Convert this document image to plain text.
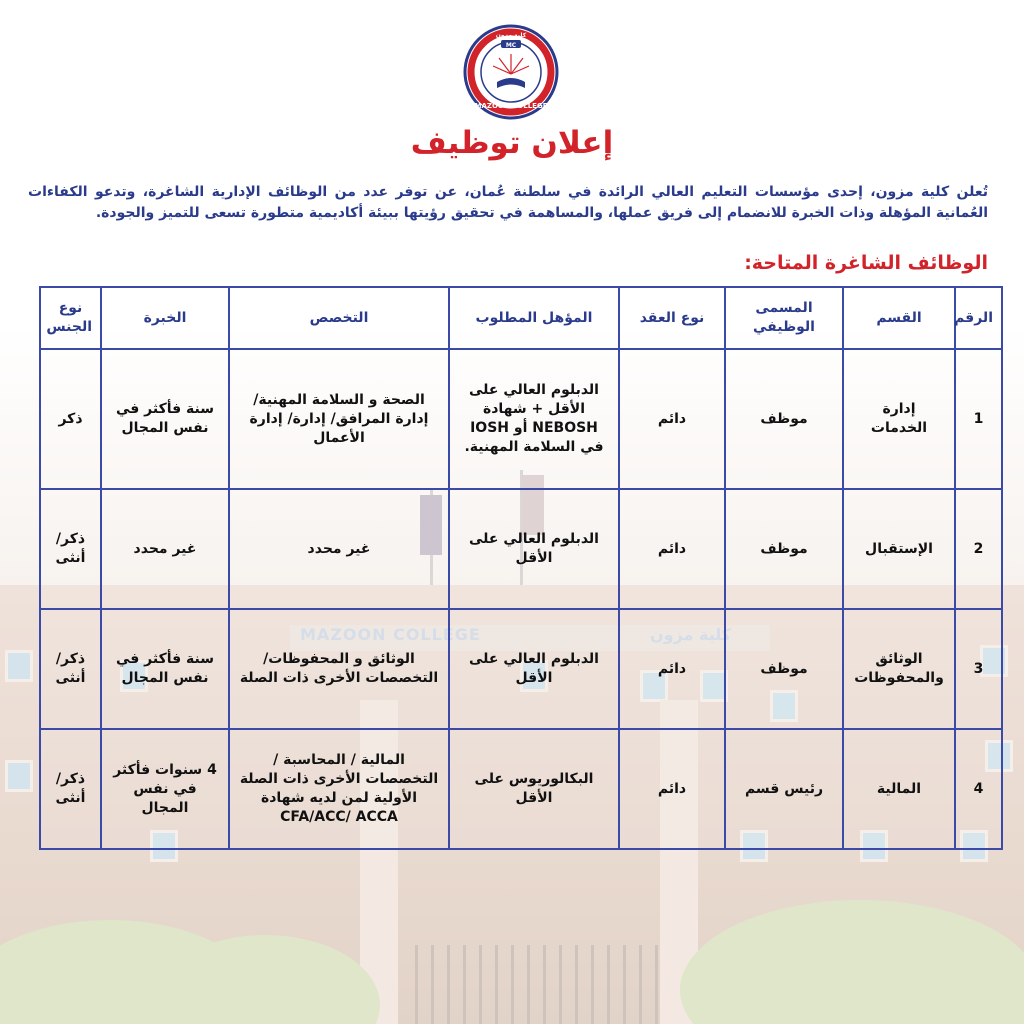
MAZOON COLLEGE	كلية مزون
MC
MAZOON COLLEGE
كلية مزون
إعلان توظيف
تُعلن كلية مزون، إحدى مؤسسات التعليم العالي الرائدة في سلطنة عُمان، عن توفر عدد من الوظائف الإدارية الشاغرة، وتدعو الكفاءات العُمانية المؤهلة وذات الخبرة للانضمام إلى فريق عملها، والمساهمة في تحقيق رؤيتها ببيئة أكاديمية متطورة تسعى للتميز والجودة.
الوظائف الشاغرة المتاحة:
الرقم	القسم	المسمى الوظيفي	نوع العقد	المؤهل المطلوب	التخصص	الخبرة	نوع الجنس
1	إدارة الخدمات	موظف	دائم	الدبلوم العالي على الأقل + شهادة NEBOSH أو IOSH في السلامة المهنية.	الصحة و السلامة المهنية/ إدارة المرافق/ إدارة/ إدارة الأعمال	سنة فأكثر في نفس المجال	ذكر
2	الإستقبال	موظف	دائم	الدبلوم العالي على الأقل	غير محدد	غير محدد	ذكر/ أنثى
3	الوثائق والمحفوظات	موظف	دائم	الدبلوم العالي على الأقل	الوثائق و المحفوظات/ التخصصات الأخرى ذات الصلة	سنة فأكثر في نفس المجال	ذكر/ أنثى
4	المالية	رئيس قسم	دائم	البكالوريوس على الأقل	المالية / المحاسبة / التخصصات الأخرى ذات الصلة الأولية لمن لديه شهادة CFA/ACC/ ACCA	4 سنوات فأكثر في نفس المجال	ذكر/ أنثى
